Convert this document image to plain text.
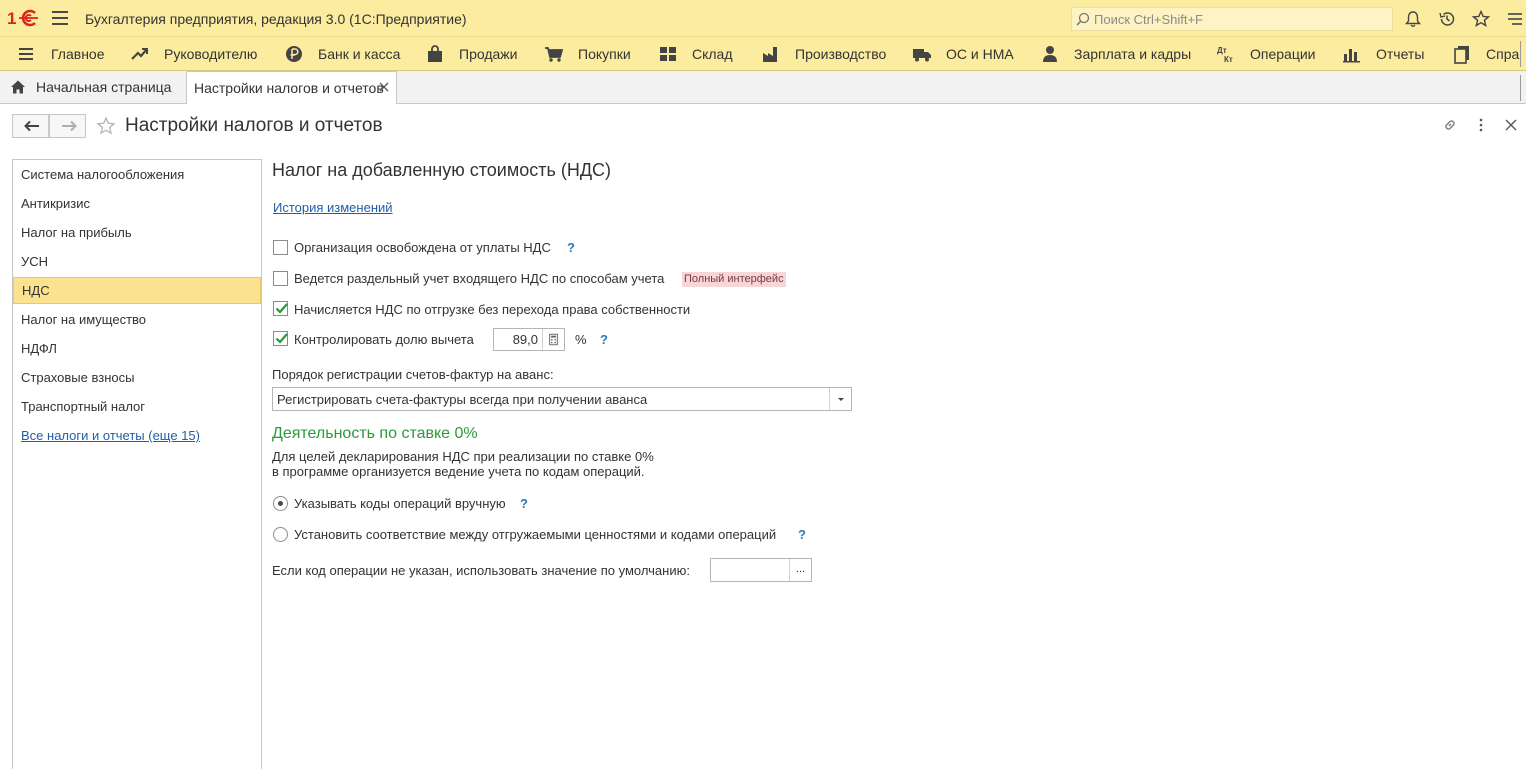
1	Бухгалтерия предприятия, редакция 3.0 (1С:Предприятие)
Поиск Ctrl+Shift+F
Главное	Руководителю	Банк и касса	Продажи	Покупки	Склад	Производство	ОС и НМА	Зарплата и кадры	Дт
Кт Операции	Отчеты	Спра
Начальная страница Настройки налогов и отчетов
Настройки налогов и отчетов
Система налогообложения
Антикризис
Налог на прибыль
УСН
НДС
Налог на имущество
НДФЛ
Страховые взносы
Транспортный налог
Все налоги и отчеты (еще 15)
Налог на добавленную стоимость (НДС)
История изменений
Организация освобождена от уплаты НДС ?
Ведется раздельный учет входящего НДС по способам учета Полный интерфейс
Начисляется НДС по отгрузке без перехода права собственности
Контролировать долю вычета	89,0	% ?
Порядок регистрации счетов-фактур на аванс:
Регистрировать счета-фактуры всегда при получении аванса
Деятельность по ставке 0%
Для целей декларирования НДС при реализации по ставке 0%
в программе организуется ведение учета по кодам операций.
Указывать коды операций вручную ?
Установить соответствие между отгружаемыми ценностями и кодами операций ?
Если код операции не указан, использовать значение по умолчанию:	...
